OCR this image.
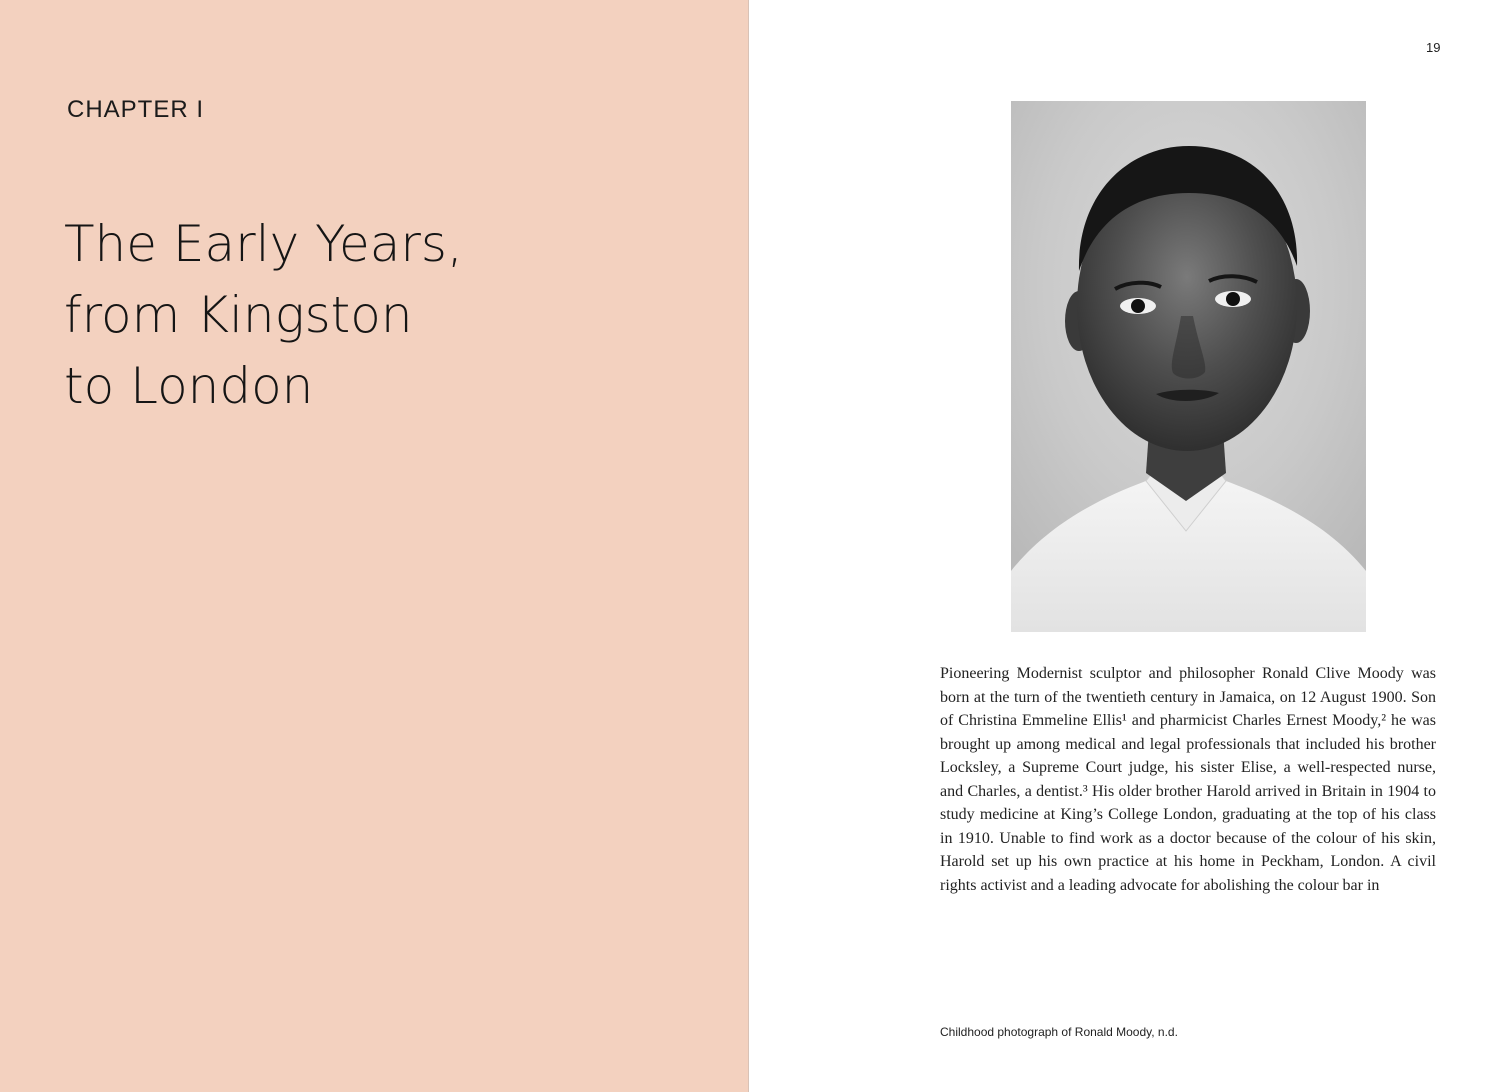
CHAPTER I
The Early Years,
from Kingston
to London
19

Pioneering Modernist sculptor and philosopher Ronald Clive Moody was born at the turn of the twentieth century in Jamaica, on 12 August 1900. Son of Christina Emmeline Ellis¹ and pharmicist Charles Ernest Moody,² he was brought up among medical and legal professionals that included his brother Locksley, a Supreme Court judge, his sister Elise, a well-respected nurse, and Charles, a dentist.³ His older brother Harold arrived in Britain in 1904 to study medicine at King’s College London, graduating at the top of his class in 1910. Unable to find work as a doctor because of the colour of his skin, Harold set up his own practice at his home in Peckham, London. A civil rights activist and a leading advocate for abolishing the colour bar in

Childhood photograph of Ronald Moody, n.d.
